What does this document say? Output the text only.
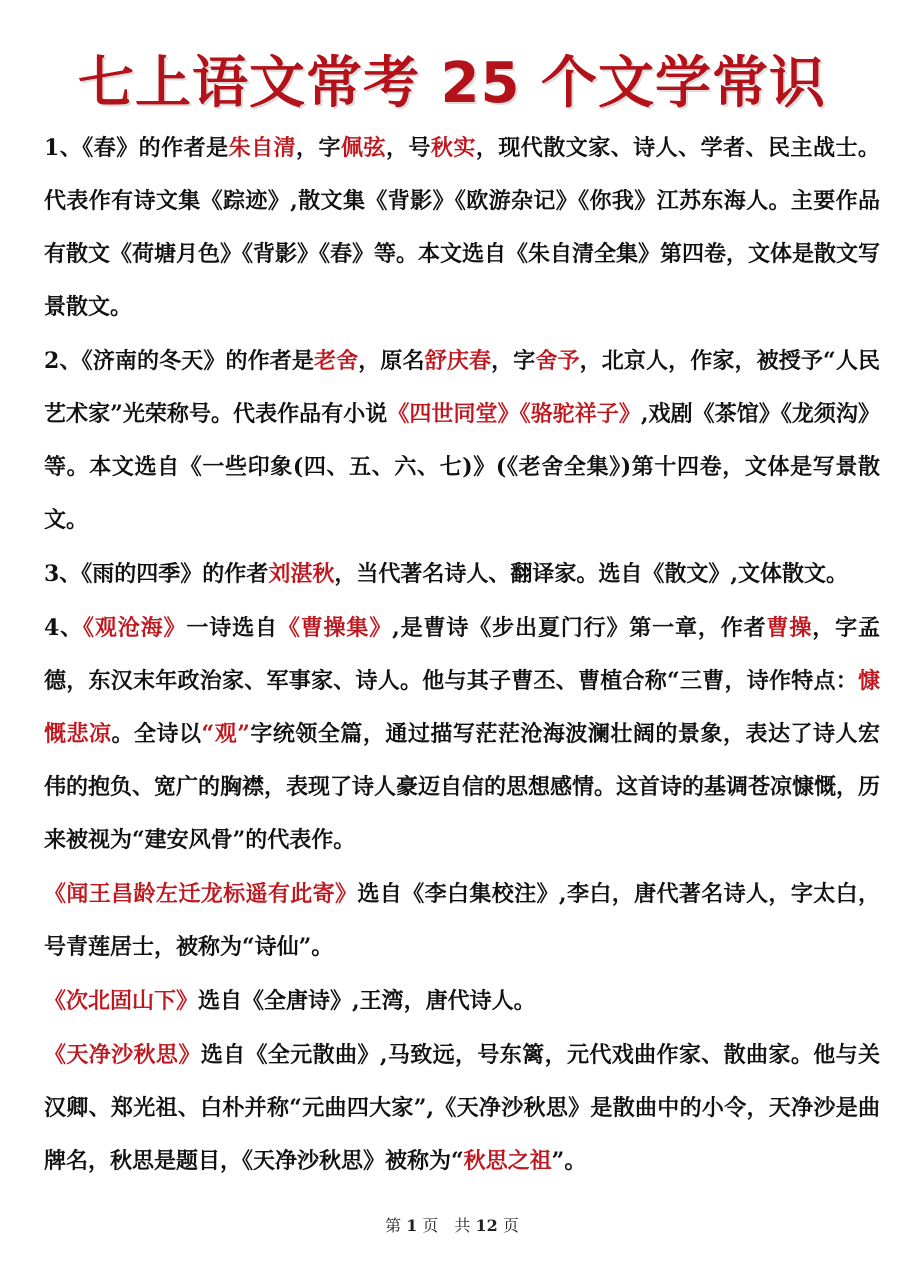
七上语文常考 25 个文学常识

1、《春》的作者是朱自清，字佩弦，号秋实，现代散文家、诗人、学者、民主战士。代表作有诗文集《踪迹》,散文集《背影》《欧游杂记》《你我》江苏东海人。主要作品有散文《荷塘月色》《背影》《春》等。本文选自《朱自清全集》第四卷，文体是散文写景散文。

2、《济南的冬天》的作者是老舍，原名舒庆春，字舍予，北京人，作家，被授予“人民艺术家”光荣称号。代表作品有小说《四世同堂》《骆驼祥子》,戏剧《茶馆》《龙须沟》等。本文选自《一些印象(四、五、六、七)》(《老舍全集》)第十四卷，文体是写景散文。

3、《雨的四季》的作者刘湛秋，当代著名诗人、翻译家。选自《散文》,文体散文。

4、《观沧海》一诗选自《曹操集》,是曹诗《步出夏门行》第一章，作者曹操，字孟德，东汉末年政治家、军事家、诗人。他与其子曹丕、曹植合称“三曹，诗作特点：慷慨悲凉。全诗以“观”字统领全篇，通过描写茫茫沧海波澜壮阔的景象，表达了诗人宏伟的抱负、宽广的胸襟，表现了诗人豪迈自信的思想感情。这首诗的基调苍凉慷慨，历来被视为“建安风骨”的代表作。

《闻王昌龄左迁龙标遥有此寄》选自《李白集校注》,李白，唐代著名诗人，字太白，号青莲居士，被称为“诗仙”。

《次北固山下》选自《全唐诗》,王湾，唐代诗人。

《天净沙秋思》选自《全元散曲》,马致远，号东篱，元代戏曲作家、散曲家。他与关汉卿、郑光祖、白朴并称“元曲四大家”,《天净沙秋思》是散曲中的小令，天净沙是曲牌名，秋思是题目，《天净沙秋思》被称为“秋思之祖”。

第 1 页　共 12 页
